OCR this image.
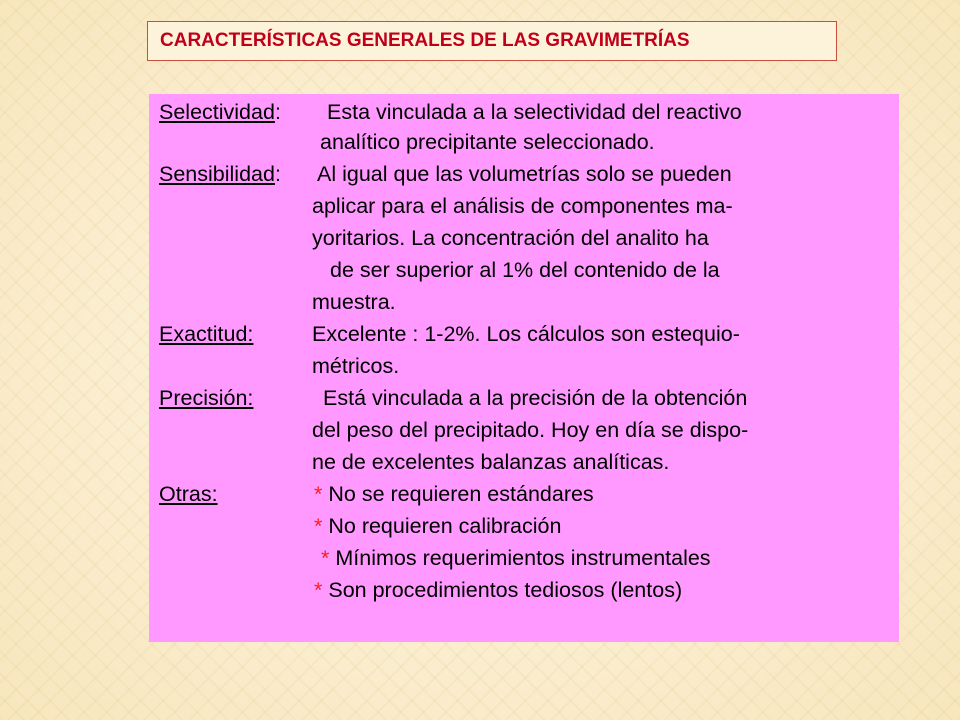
CARACTERÍSTICAS GENERALES DE LAS GRAVIMETRÍAS
Selectividad: Esta vinculada a la selectividad del reactivo
analítico precipitante seleccionado.
Sensibilidad: Al igual que las volumetrías solo se pueden
aplicar para el análisis de componentes ma-
yoritarios. La concentración del analito ha
de ser superior al 1% del contenido de la
muestra.
Exactitud:	Excelente : 1-2%. Los cálculos son estequio-
métricos.
Precisión:	Está vinculada a la precisión de la obtención
del peso del precipitado. Hoy en día se dispo-
ne de excelentes balanzas analíticas.
Otras:	* No se requieren estándares
* No requieren calibración
* Mínimos requerimientos instrumentales
* Son procedimientos tediosos (lentos)
